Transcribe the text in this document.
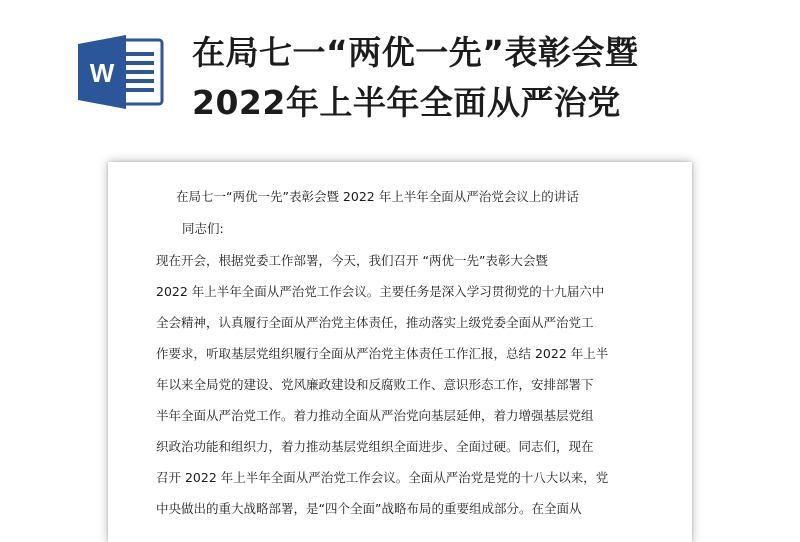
W
在局七一“两优一先”表彰会暨
2022年上半年全面从严治党

在局七一“两优一先”表彰会暨 2022 年上半年全面从严治党会议上的讲话

同志们:

现在开会，根据党委工作部署，今天，我们召开 “两优一先”表彰大会暨

2022 年上半年全面从严治党工作会议。主要任务是深入学习贯彻党的十九届六中

全会精神，认真履行全面从严治党主体责任，推动落实上级党委全面从严治党工

作要求，听取基层党组织履行全面从严治党主体责任工作汇报，总结 2022 年上半

年以来全局党的建设、党风廉政建设和反腐败工作、意识形态工作，安排部署下

半年全面从严治党工作。着力推动全面从严治党向基层延伸，着力增强基层党组

织政治功能和组织力，着力推动基层党组织全面进步、全面过硬。同志们，现在

召开 2022 年上半年全面从严治党工作会议。全面从严治党是党的十八大以来，党

中央做出的重大战略部署，是“四个全面”战略布局的重要组成部分。在全面从
